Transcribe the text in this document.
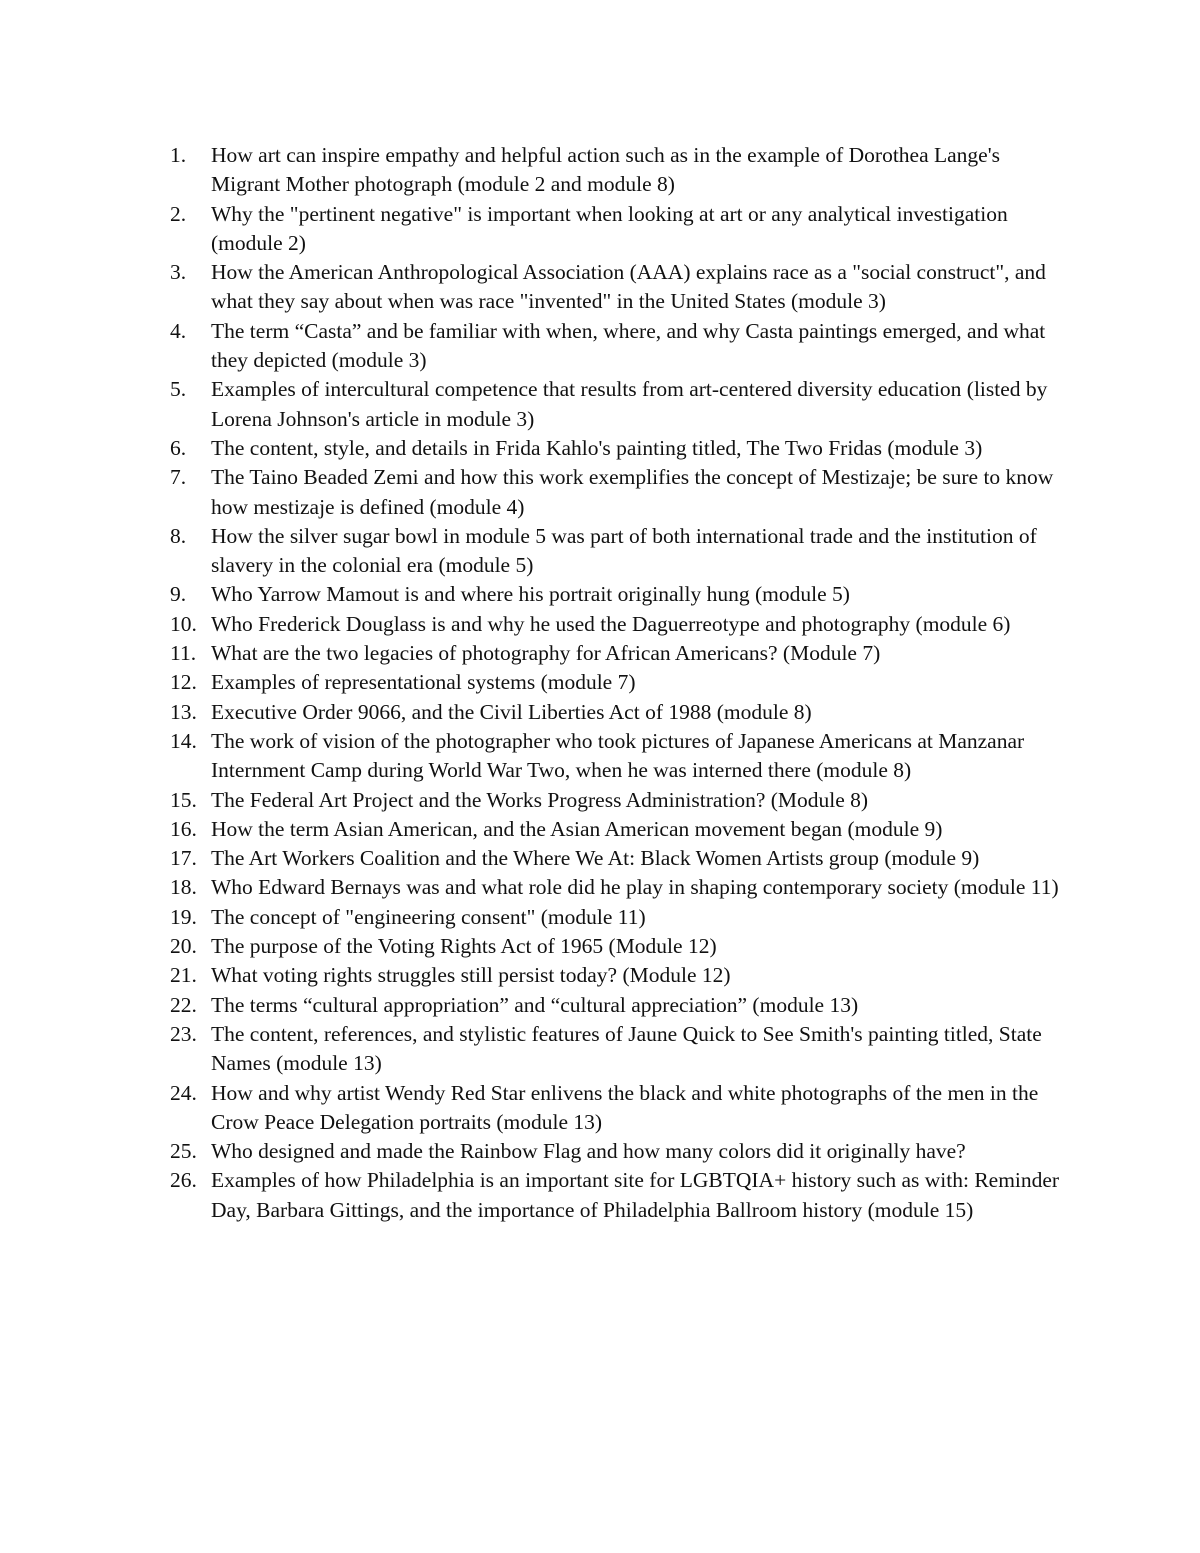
1.	How art can inspire empathy and helpful action such as in the example of Dorothea Lange's Migrant Mother photograph (module 2 and module 8)
2.	Why the "pertinent negative" is important when looking at art or any analytical investigation (module 2)
3.	How the American Anthropological Association (AAA) explains race as a "social construct", and what they say about when was race "invented" in the United States (module 3)
4.	The term “Casta” and be familiar with when, where, and why Casta paintings emerged, and what they depicted (module 3)
5.	Examples of intercultural competence that results from art-centered diversity education (listed by Lorena Johnson's article in module 3)
6.	The content, style, and details in Frida Kahlo's painting titled, The Two Fridas (module 3)
7.	The Taino Beaded Zemi and how this work exemplifies the concept of Mestizaje; be sure to know how mestizaje is defined (module 4)
8.	How the silver sugar bowl in module 5 was part of both international trade and the institution of slavery in the colonial era (module 5)
9.	Who Yarrow Mamout is and where his portrait originally hung (module 5)
10. Who Frederick Douglass is and why he used the Daguerreotype and photography (module 6)
11. What are the two legacies of photography for African Americans? (Module 7)
12. Examples of representational systems (module 7)
13. Executive Order 9066, and the Civil Liberties Act of 1988 (module 8)
14. The work of vision of the photographer who took pictures of Japanese Americans at Manzanar Internment Camp during World War Two, when he was interned there (module 8)
15. The Federal Art Project and the Works Progress Administration? (Module 8)
16. How the term Asian American, and the Asian American movement began (module 9)
17. The Art Workers Coalition and the Where We At: Black Women Artists group (module 9)
18. Who Edward Bernays was and what role did he play in shaping contemporary society (module 11)
19. The concept of "engineering consent" (module 11)
20. The purpose of the Voting Rights Act of 1965 (Module 12)
21. What voting rights struggles still persist today? (Module 12)
22. The terms “cultural appropriation” and “cultural appreciation” (module 13)
23. The content, references, and stylistic features of Jaune Quick to See Smith's painting titled, State Names (module 13)
24. How and why artist Wendy Red Star enlivens the black and white photographs of the men in the Crow Peace Delegation portraits (module 13)
25. Who designed and made the Rainbow Flag and how many colors did it originally have?
26. Examples of how Philadelphia is an important site for LGBTQIA+ history such as with: Reminder Day, Barbara Gittings, and the importance of Philadelphia Ballroom history (module 15)
